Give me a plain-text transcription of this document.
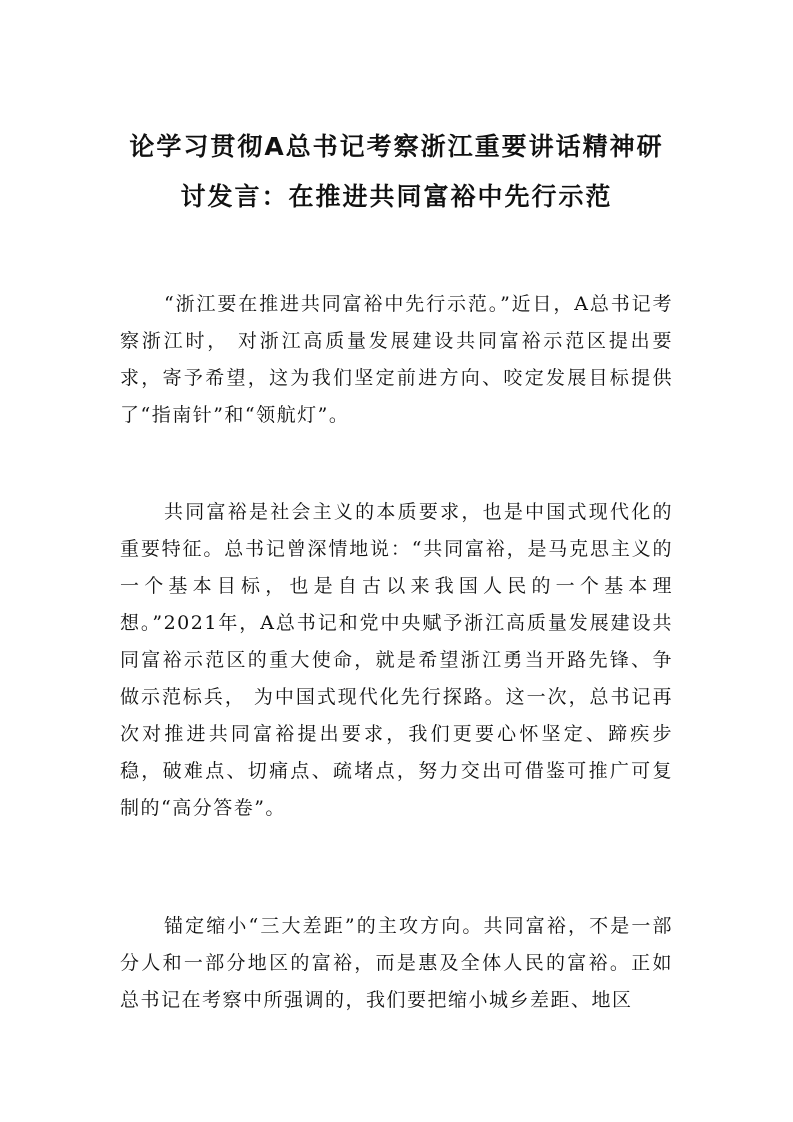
论学习贯彻A总书记考察浙江重要讲话精神研讨发言：在推进共同富裕中先行示范

“浙江要在推进共同富裕中先行示范。”近日，A总书记考察浙江时， 对浙江高质量发展建设共同富裕示范区提出要求，寄予希望，这为我们坚定前进方向、咬定发展目标提供了“指南针”和“领航灯”。

共同富裕是社会主义的本质要求，也是中国式现代化的重要特征。总书记曾深情地说：“共同富裕，是马克思主义的一个基本目标，也是自古以来我国人民的一个基本理想。”2021年，A总书记和党中央赋予浙江高质量发展建设共同富裕示范区的重大使命，就是希望浙江勇当开路先锋、争做示范标兵， 为中国式现代化先行探路。这一次，总书记再次对推进共同富裕提出要求，我们更要心怀坚定、蹄疾步稳，破难点、切痛点、疏堵点，努力交出可借鉴可推广可复制的“高分答卷”。

锚定缩小“三大差距”的主攻方向。共同富裕，不是一部分人和一部分地区的富裕，而是惠及全体人民的富裕。正如总书记在考察中所强调的，我们要把缩小城乡差距、地区
